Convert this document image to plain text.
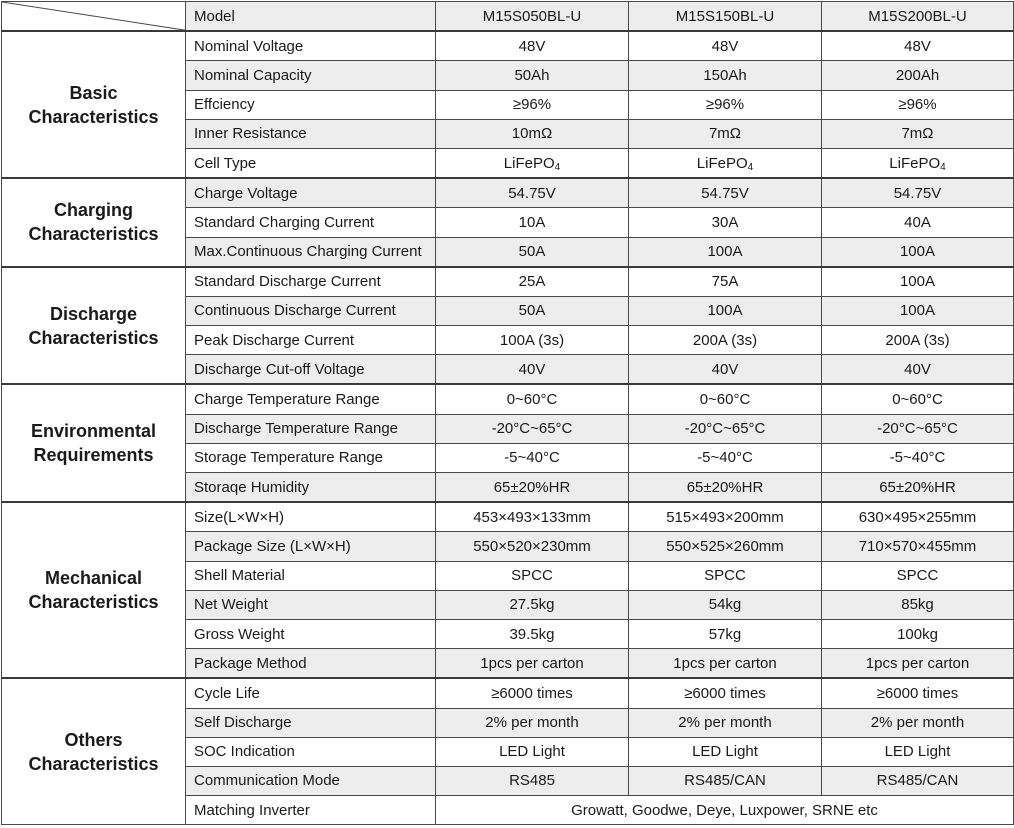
	Model	M15S050BL-U	M15S150BL-U	M15S200BL-U
Basic
Characteristics	Nominal Voltage	48V	48V	48V
	Nominal Capacity	50Ah	150Ah	200Ah
	Effciency	≥96%	≥96%	≥96%
	Inner Resistance	10mΩ	7mΩ	7mΩ
	Cell Type	LiFePO$_4$	LiFePO$_4$	LiFePO$_4$
Charging
Characteristics	Charge Voltage	54.75V	54.75V	54.75V
	Standard Charging Current	10A	30A	40A
	Max.Continuous Charging Current	50A	100A	100A
Discharge
Characteristics	Standard Discharge Current	25A	75A	100A
	Continuous Discharge Current	50A	100A	100A
	Peak Discharge Current	100A (3s)	200A (3s)	200A (3s)
	Discharge Cut-off Voltage	40V	40V	40V
Environmental
Requirements	Charge Temperature Range	0~60°C	0~60°C	0~60°C
	Discharge Temperature Range	-20°C~65°C	-20°C~65°C	-20°C~65°C
	Storage Temperature Range	-5~40°C	-5~40°C	-5~40°C
	Storaqe Humidity	65±20%HR	65±20%HR	65±20%HR
Mechanical
Characteristics	Size(L×W×H)	453×493×133mm	515×493×200mm	630×495×255mm
	Package Size (L×W×H)	550×520×230mm	550×525×260mm	710×570×455mm
	Shell Material	SPCC	SPCC	SPCC
	Net Weight	27.5kg	54kg	85kg
	Gross Weight	39.5kg	57kg	100kg
	Package Method	1pcs per carton	1pcs per carton	1pcs per carton
Others
Characteristics	Cycle Life	≥6000 times	≥6000 times	≥6000 times
	Self Discharge	2% per month	2% per month	2% per month
	SOC Indication	LED Light	LED Light	LED Light
	Communication Mode	RS485	RS485/CAN	RS485/CAN
	Matching Inverter	Growatt, Goodwe, Deye, Luxpower, SRNE etc		
